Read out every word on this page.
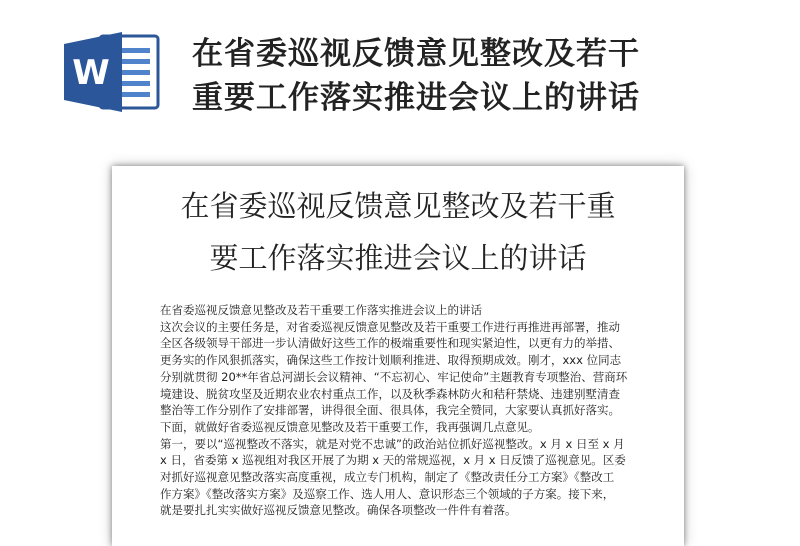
W	在省委巡视反馈意见整改及若干
重要工作落实推进会议上的讲话
在省委巡视反馈意见整改及若干重
要工作落实推进会议上的讲话
在省委巡视反馈意见整改及若干重要工作落实推进会议上的讲话
这次会议的主要任务是，对省委巡视反馈意见整改及若干重要工作进行再推进再部署，推动
全区各级领导干部进一步认清做好这些工作的极端重要性和现实紧迫性，以更有力的举措、
更务实的作风狠抓落实，确保这些工作按计划顺利推进、取得预期成效。刚才，xxx 位同志
分别就贯彻 20**年省总河湖长会议精神、“不忘初心、牢记使命”主题教育专项整治、营商环
境建设、脱贫攻坚及近期农业农村重点工作，以及秋季森林防火和秸秆禁烧、违建别墅清查
整治等工作分别作了安排部署，讲得很全面、很具体，我完全赞同，大家要认真抓好落实。
下面，就做好省委巡视反馈意见整改及若干重要工作，我再强调几点意见。
第一，要以“巡视整改不落实，就是对党不忠诚”的政治站位抓好巡视整改。x 月 x 日至 x 月
x 日，省委第 x 巡视组对我区开展了为期 x 天的常规巡视，x 月 x 日反馈了巡视意见。区委
对抓好巡视意见整改落实高度重视，成立专门机构，制定了《整改责任分工方案》《整改工
作方案》《整改落实方案》及巡察工作、选人用人、意识形态三个领域的子方案。接下来，
就是要扎扎实实做好巡视反馈意见整改。确保各项整改一件件有着落。
